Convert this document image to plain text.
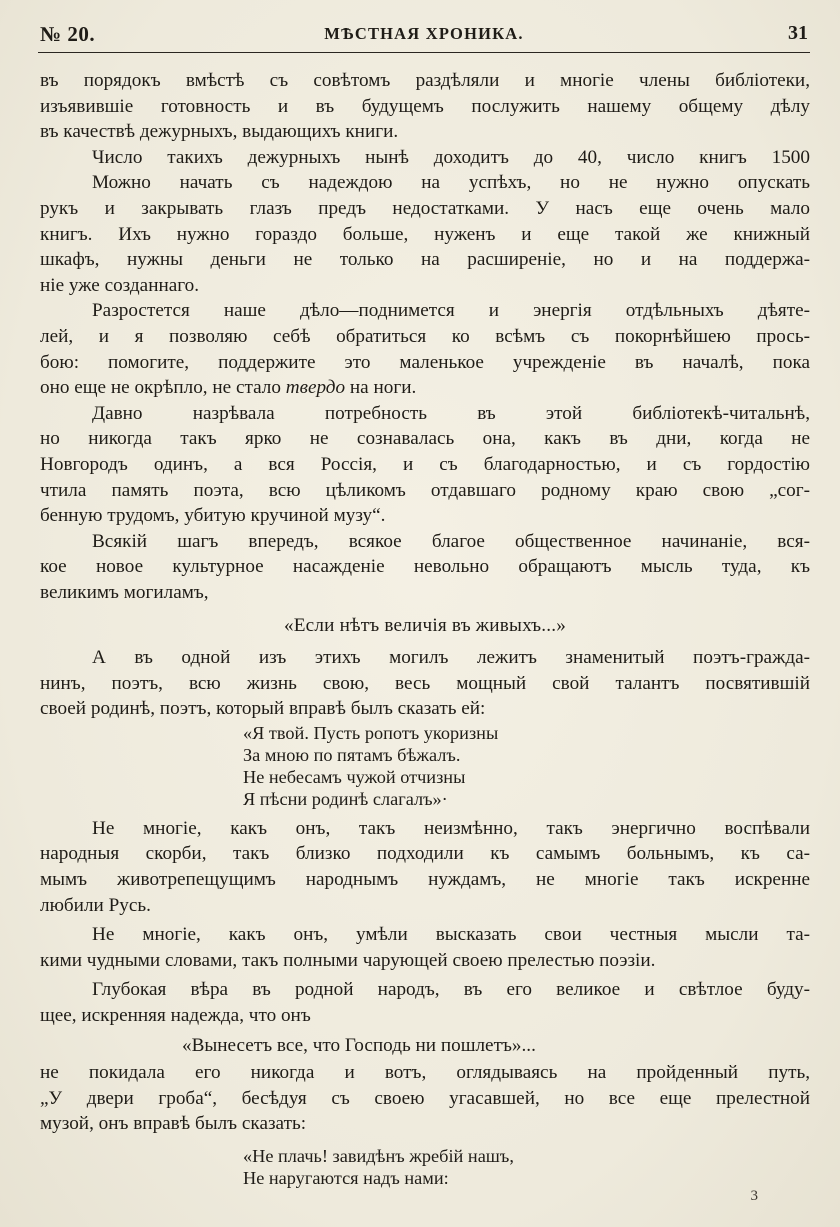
№ 20.	МѢСТНАЯ ХРОНИКА.	31
въ порядокъ вмѣстѣ съ совѣтомъ раздѣляли и многіе члены библіотеки,
изъявившіе готовность и въ будущемъ послужить нашему общему дѣлу
въ качествѣ дежурныхъ, выдающихъ книги.
Число такихъ дежурныхъ нынѣ доходитъ до 40, число книгъ 1500
Можно начать съ надеждою на успѣхъ, но не нужно опускать
рукъ и закрывать глазъ предъ недостатками. У насъ еще очень мало
книгъ. Ихъ нужно гораздо больше, нуженъ и еще такой же книжный
шкафъ, нужны деньги не только на расширеніе, но и на поддержа-
ніе уже созданнаго.
Разростется наше дѣло—поднимется и энергія отдѣльныхъ дѣяте-
лей, и я позволяю себѣ обратиться ко всѣмъ съ покорнѣйшею прось-
бою: помогите, поддержите это маленькое учрежденіе въ началѣ, пока
оно еще не окрѣпло, не стало твердо на ноги.
Давно назрѣвала потребность въ этой библіотекѣ-читальнѣ,
но никогда такъ ярко не сознавалась она, какъ въ дни, когда не
Новгородъ одинъ, а вся Россія, и съ благодарностью, и съ гордостію
чтила память поэта, всю цѣликомъ отдавшаго родному краю свою „сог-
бенную трудомъ, убитую кручиной музу“.
Всякій шагъ впередъ, всякое благое общественное начинаніе, вся-
кое новое культурное насажденіе невольно обращаютъ мысль туда, къ
великимъ могиламъ,
«Если нѣтъ величія въ живыхъ...»
А въ одной изъ этихъ могилъ лежитъ знаменитый поэтъ-гражда-
нинъ, поэтъ, всю жизнь свою, весь мощный свой талантъ посвятившій
своей родинѣ, поэтъ, который вправѣ былъ сказать ей:
«Я твой. Пусть ропотъ укоризны
За мною по пятамъ бѣжалъ.
Не небесамъ чужой отчизны
Я пѣсни родинѣ слагалъ»·
Не многіе, какъ онъ, такъ неизмѣнно, такъ энергично воспѣвали
народныя скорби, такъ близко подходили къ самымъ больнымъ, къ са-
мымъ животрепещущимъ народнымъ нуждамъ, не многіе такъ искренне
любили Русь.
Не многіе, какъ онъ, умѣли высказать свои честныя мысли та-
кими чудными словами, такъ полными чарующей своею прелестью поэзіи.
Глубокая вѣра въ родной народъ, въ его великое и свѣтлое буду-
щее, искренняя надежда, что онъ
«Вынесетъ все, что Господь ни пошлетъ»...
не покидала его никогда и вотъ, оглядываясь на пройденный путь,
„У двери гроба“, бесѣдуя съ своею угасавшей, но все еще прелестной
музой, онъ вправѣ былъ сказать:
«Не плачь! завидѣнъ жребій нашъ,
Не наругаются надъ нами:
3
